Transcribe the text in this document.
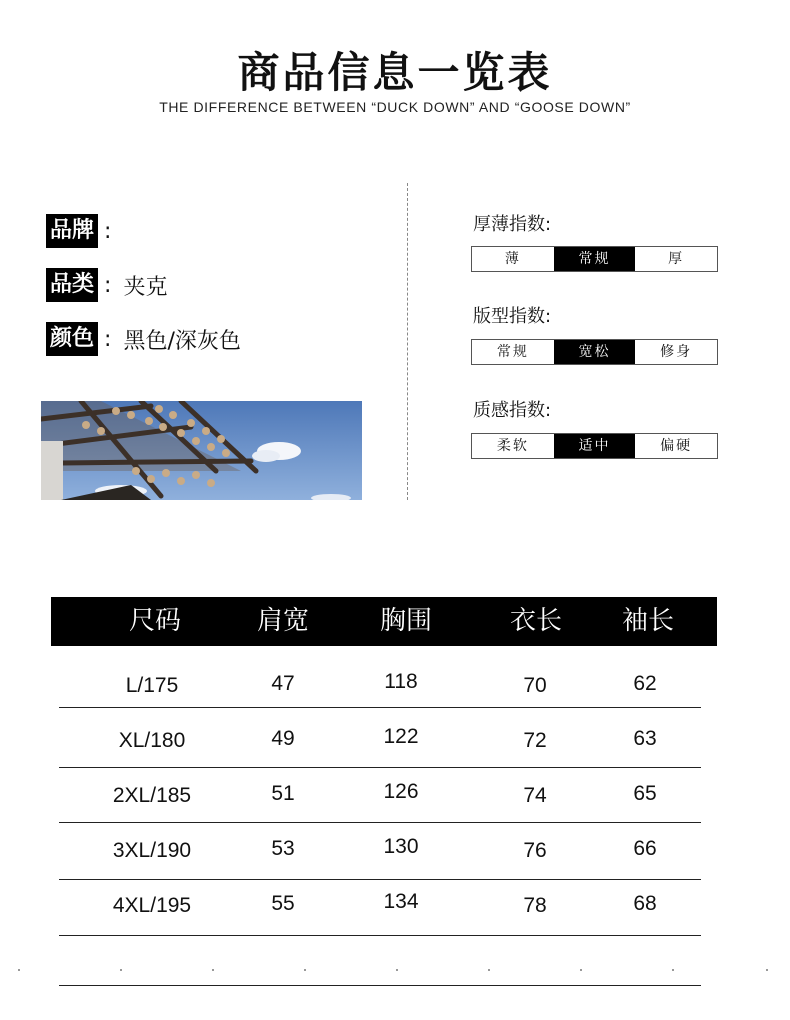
商品信息一览表
THE DIFFERENCE BETWEEN “DUCK DOWN” AND “GOOSE DOWN”
品牌 :
品类 : 夹克
颜色 : 黑色/深灰色
厚薄指数:
薄	常规	厚
版型指数:
常规	宽松	修身
质感指数:
柔软	适中	偏硬
尺码	肩宽	胸围	衣长 袖长
L/175	47	118	70	62
XL/180	49	122	72	63
2XL/185	51	126	74	65
3XL/190	53	130	76	66
4XL/195	55	134	78	68
